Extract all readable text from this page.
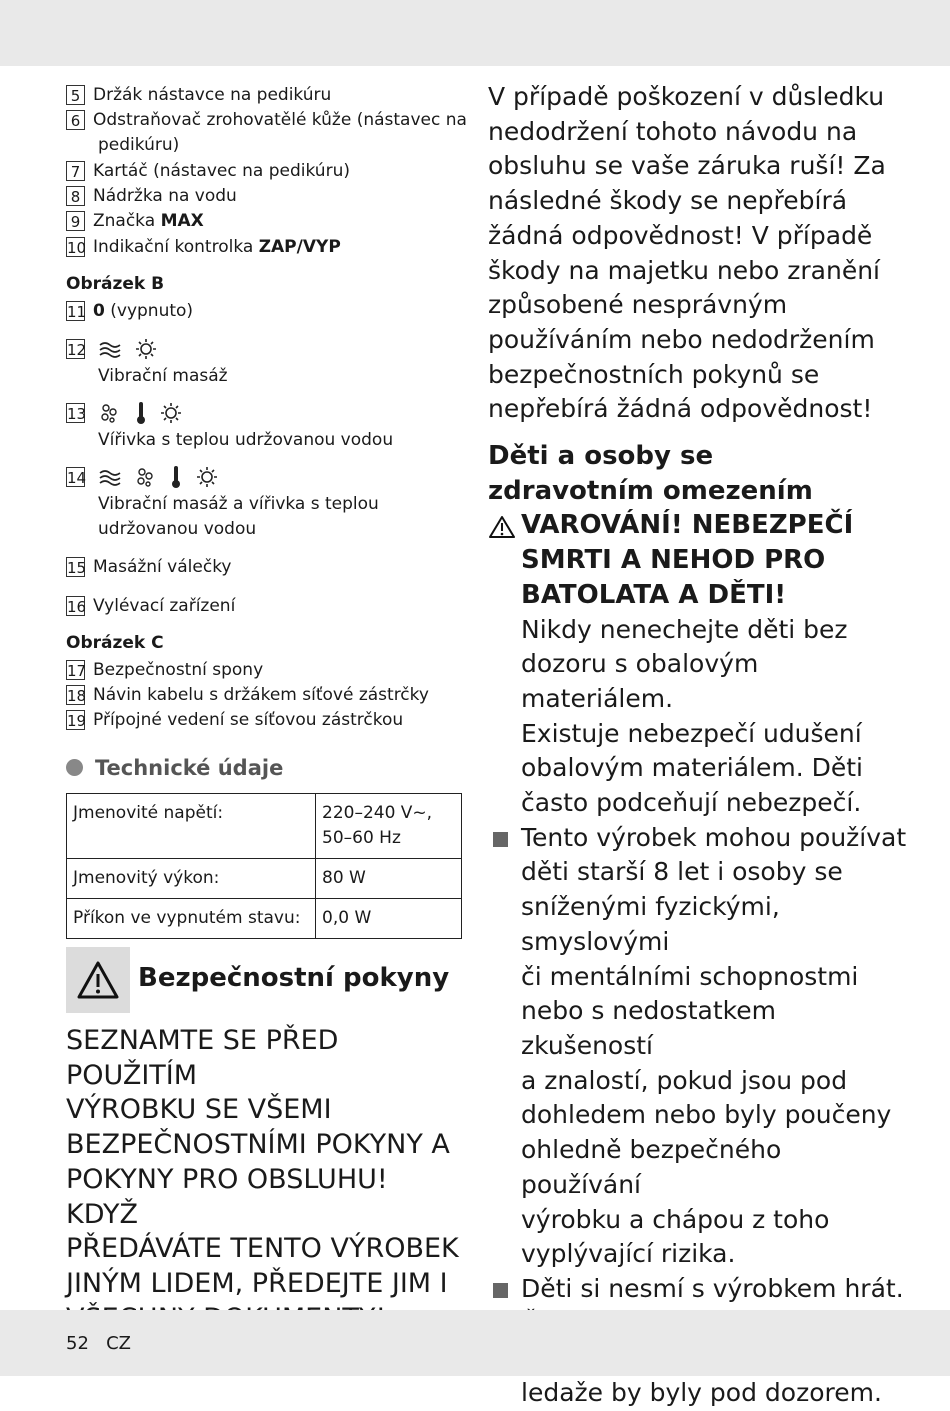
5 Držák nástavce na pedikúru
6 Odstraňovač zrohovatělé kůže (nástavec na
pedikúru)
7 Kartáč (nástavec na pedikúru)
8 Nádržka na vodu
9 Značka MAX
10 Indikační kontrolka ZAP/VYP
Obrázek B
11 0 (vypnuto)
12
Vibrační masáž
13
Vířivka s teplou udržovanou vodou
14
Vibrační masáž a vířivka s teplou
udržovanou vodou
15 Masážní válečky
16 Vylévací zařízení
Obrázek C
17 Bezpečnostní spony
18 Návin kabelu s držákem síťové zástrčky
19 Přípojné vedení se síťovou zástrčkou
Technické údaje
Jmenovité napětí:	220–240 V~,
50–60 Hz

Jmenovitý výkon:	80 W
Příkon ve vypnutém stavu:	0,0 W
Bezpečnostní pokyny
SEZNAMTE SE PŘED POUŽITÍM
VÝROBKU SE VŠEMI
BEZPEČNOSTNÍMI POKYNY A
POKYNY PRO OBSLUHU! KDYŽ
PŘEDÁVÁTE TENTO VÝROBEK
JINÝM LIDEM, PŘEDEJTE JIM I

V případě poškození v důsledku

nedodržení tohoto návodu na

obsluhu se vaše záruka ruší! Za

následné škody se nepřebírá

žádná odpovědnost! V případě

škody na majetku nebo zranění

způsobené nesprávným

používáním nebo nedodržením

bezpečnostních pokynů se

nepřebírá žádná odpovědnost!

Děti a osoby se
zdravotním omezením
VAROVÁNÍ! NEBEZPEČÍ
SMRTI A NEHOD PRO
BATOLATA A DĚTI!

Nikdy nenechejte děti bez

dozoru s obalovým materiálem.

Existuje nebezpečí udušení

obalovým materiálem. Děti

často podceňují nebezpečí.

Tento výrobek mohou používat

děti starší 8 let i osoby se

sníženými fyzickými, smyslovými

či mentálními schopnostmi

nebo s nedostatkem zkušeností

a znalostí, pokud jsou pod

dohledem nebo byly poučeny

ohledně bezpečného používání

výrobku a chápou z toho

vyplývající rizika.

Děti si nesmí s výrobkem hrát.

ledaže by byly pod dozorem.

52 CZ
